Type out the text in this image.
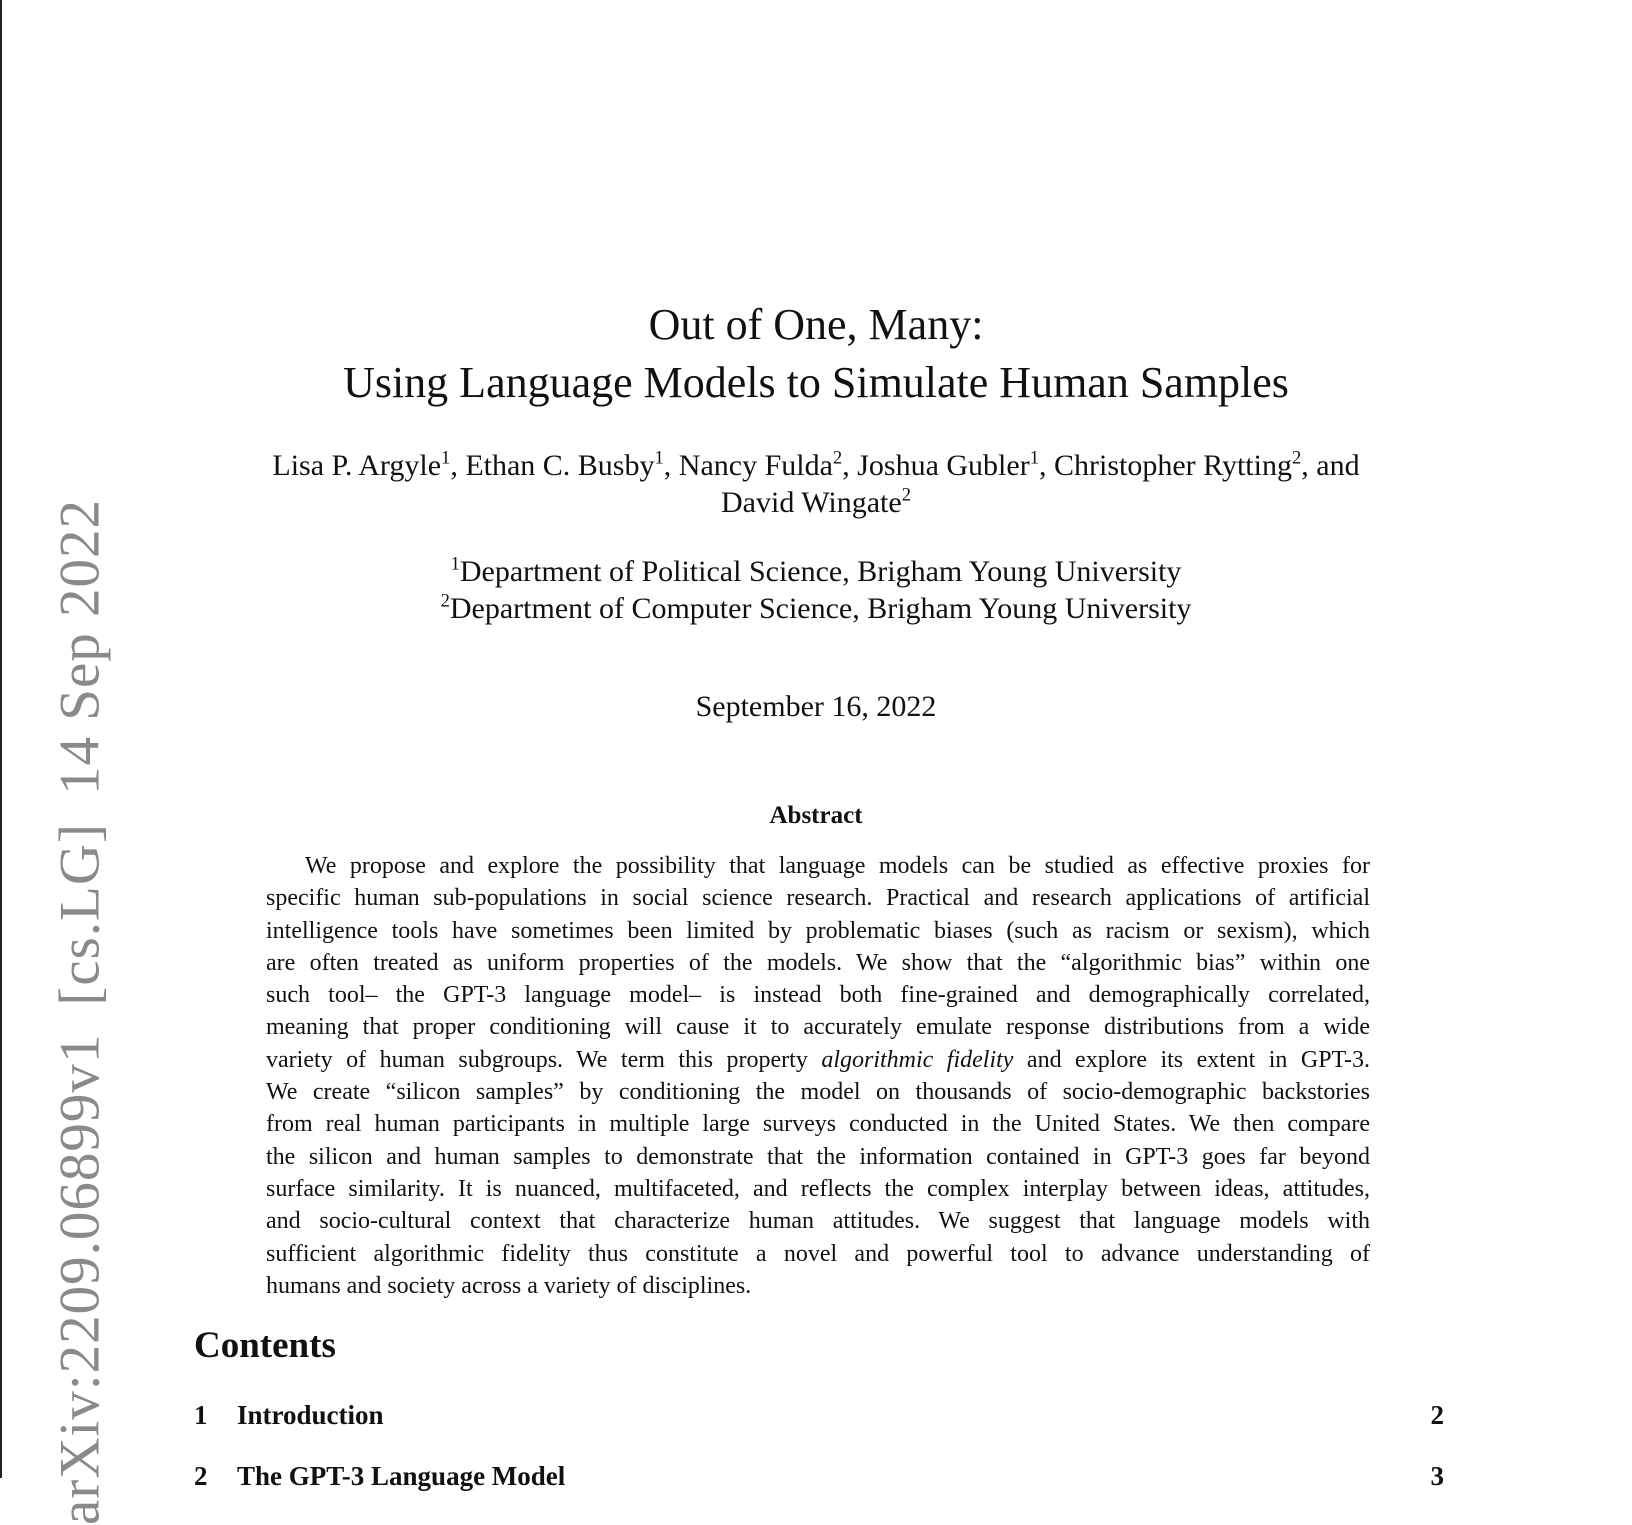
arXiv:2209.06899v1[cs.LG]14 Sep 2022
Out of One, Many:
Using Language Models to Simulate Human Samples
Lisa P. Argyle$^1$, Ethan C. Busby$^1$, Nancy Fulda$^2$, Joshua Gubler$^1$, Christopher Rytting$^2$, and
David Wingate$^2$
$^1$Department of Political Science, Brigham Young University
$^2$Department of Computer Science, Brigham Young University
September 16, 2022
Abstract
We propose and explore the possibility that language models can be studied as effective proxies for
specific human sub-populations in social science research. Practical and research applications of artificial
intelligence tools have sometimes been limited by problematic biases (such as racism or sexism), which
are often treated as uniform properties of the models. We show that the “algorithmic bias” within one
such tool– the GPT-3 language model– is instead both fine-grained and demographically correlated,
meaning that proper conditioning will cause it to accurately emulate response distributions from a wide
variety of human subgroups. We term this property algorithmic fidelity and explore its extent in GPT-3.
We create “silicon samples” by conditioning the model on thousands of socio-demographic backstories
from real human participants in multiple large surveys conducted in the United States. We then compare
the silicon and human samples to demonstrate that the information contained in GPT-3 goes far beyond
surface similarity. It is nuanced, multifaceted, and reflects the complex interplay between ideas, attitudes,
and socio-cultural context that characterize human attitudes. We suggest that language models with
sufficient algorithmic fidelity thus constitute a novel and powerful tool to advance understanding of
humans and society across a variety of disciplines.
Contents
1 Introduction	2
2 The GPT-3 Language Model	3
